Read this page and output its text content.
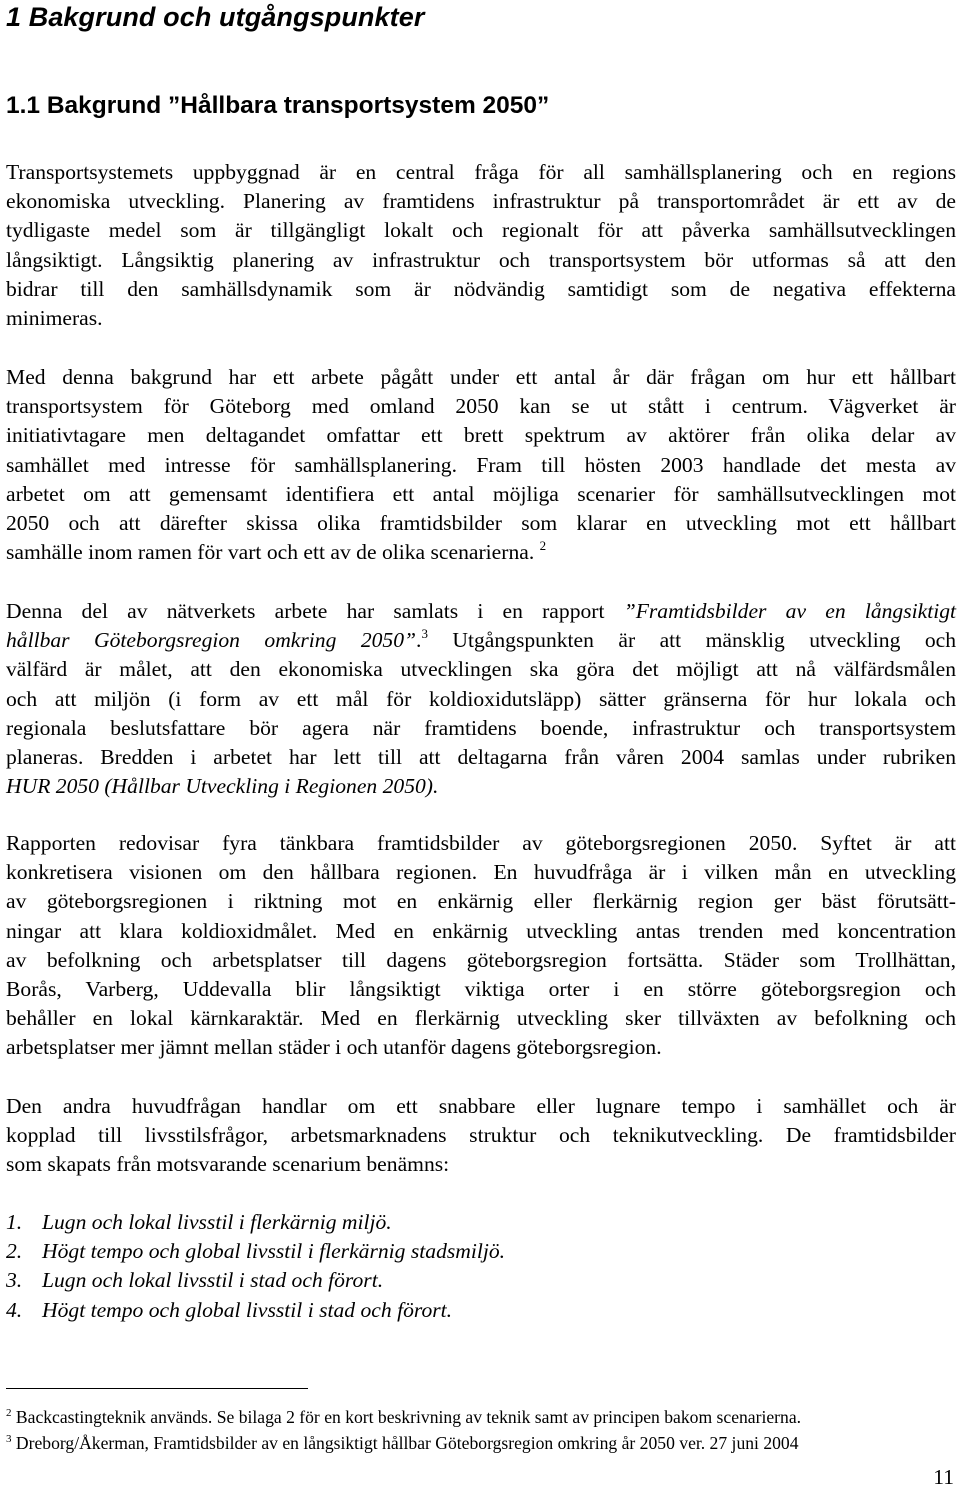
1 Bakgrund och utgångspunkter
1.1 Bakgrund ”Hållbara transportsystem 2050”
Transportsystemets uppbyggnad är en central fråga för all samhällsplanering och en regions
ekonomiska utveckling. Planering av framtidens infrastruktur på transportområdet är ett av de
tydligaste medel som är tillgängligt lokalt och regionalt för att påverka samhällsutvecklingen
långsiktigt. Långsiktig planering av infrastruktur och transportsystem bör utformas så att den
bidrar till den samhällsdynamik som är nödvändig samtidigt som de negativa effekterna
minimeras.
Med denna bakgrund har ett arbete pågått under ett antal år där frågan om hur ett hållbart
transportsystem för Göteborg med omland 2050 kan se ut stått i centrum. Vägverket är
initiativtagare men deltagandet omfattar ett brett spektrum av aktörer från olika delar av
samhället med intresse för samhällsplanering. Fram till hösten 2003 handlade det mesta av
arbetet om att gemensamt identifiera ett antal möjliga scenarier för samhällsutvecklingen mot
2050 och att därefter skissa olika framtidsbilder som klarar en utveckling mot ett hållbart
samhälle inom ramen för vart och ett av de olika scenarierna. $^2$
Denna del av nätverkets arbete har samlats i en rapport ”Framtidsbilder av en långsiktigt
hållbar Göteborgsregion omkring 2050”.$^3$ Utgångspunkten är att mänsklig utveckling och
välfärd är målet, att den ekonomiska utvecklingen ska göra det möjligt att nå välfärdsmålen
och att miljön (i form av ett mål för koldioxidutsläpp) sätter gränserna för hur lokala och
regionala beslutsfattare bör agera när framtidens boende, infrastruktur och transportsystem
planeras. Bredden i arbetet har lett till att deltagarna från våren 2004 samlas under rubriken
HUR 2050 (Hållbar Utveckling i Regionen 2050).
Rapporten redovisar fyra tänkbara framtidsbilder av göteborgsregionen 2050. Syftet är att
konkretisera visionen om den hållbara regionen. En huvudfråga är i vilken mån en utveckling
av göteborgsregionen i riktning mot en enkärnig eller flerkärnig region ger bäst förutsätt-
ningar att klara koldioxidmålet. Med en enkärnig utveckling antas trenden med koncentration
av befolkning och arbetsplatser till dagens göteborgsregion fortsätta. Städer som Trollhättan,
Borås, Varberg, Uddevalla blir långsiktigt viktiga orter i en större göteborgsregion och
behåller en lokal kärnkaraktär. Med en flerkärnig utveckling sker tillväxten av befolkning och
arbetsplatser mer jämnt mellan städer i och utanför dagens göteborgsregion.
Den andra huvudfrågan handlar om ett snabbare eller lugnare tempo i samhället och är
kopplad till livsstilsfrågor, arbetsmarknadens struktur och teknikutveckling. De framtidsbilder
som skapats från motsvarande scenarium benämns:
1. Lugn och lokal livsstil i flerkärnig miljö.
2. Högt tempo och global livsstil i flerkärnig stadsmiljö.
3. Lugn och lokal livsstil i stad och förort.
4. Högt tempo och global livsstil i stad och förort.
$^2$ Backcastingteknik används. Se bilaga 2 för en kort beskrivning av teknik samt av principen bakom scenarierna.
$^3$ Dreborg/Åkerman, Framtidsbilder av en långsiktigt hållbar Göteborgsregion omkring år 2050 ver. 27 juni 2004
11
